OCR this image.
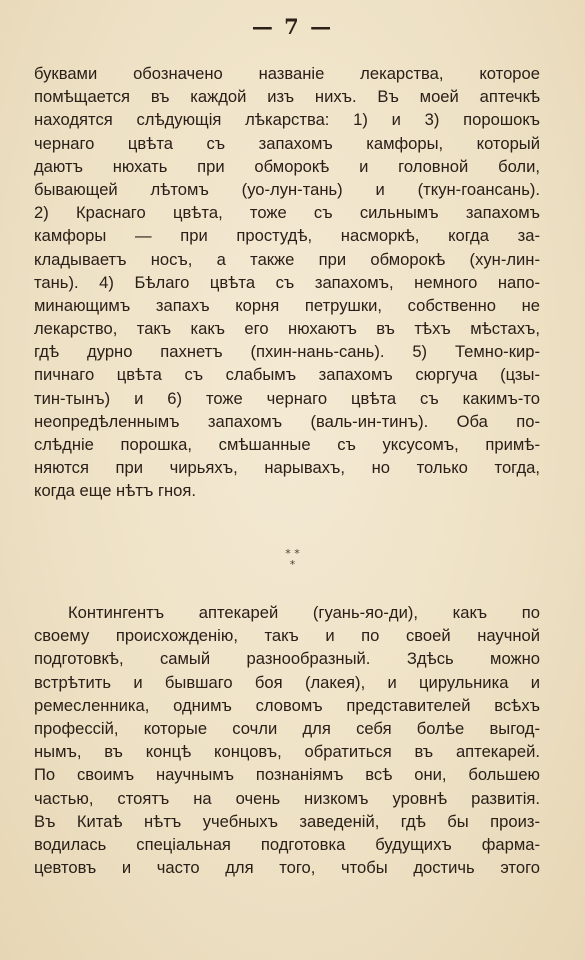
— 7 —
буквами обозначено названіе лекарства, которое
помѣщается въ каждой изъ нихъ. Въ моей аптечкѣ
находятся слѣдующія лѣкарства: 1) и 3) порошокъ
чернаго цвѣта съ запахомъ камфоры, который
даютъ нюхать при обморокѣ и головной боли,
бывающей лѣтомъ (уо-лун-тань) и (ткун-гоансань).
2) Краснаго цвѣта, тоже съ сильнымъ запахомъ
камфоры — при простудѣ, насморкѣ, когда за-
кладываетъ носъ, а также при обморокѣ (хун-лин-
тань). 4) Бѣлаго цвѣта съ запахомъ, немного напо-
минающимъ запахъ корня петрушки, собственно не
лекарство, такъ какъ его нюхаютъ въ тѣхъ мѣстахъ,
гдѣ дурно пахнетъ (пхин-нань-сань). 5) Темно-кир-
пичнаго цвѣта съ слабымъ запахомъ сюргуча (цзы-
тин-тынъ) и 6) тоже чернаго цвѣта съ какимъ-то
неопредѣленнымъ запахомъ (валь-ин-тинъ). Оба по-
слѣдніе порошка, смѣшанные съ уксусомъ, примѣ-
няются при чирьяхъ, нарывахъ, но только тогда,
когда еще нѣтъ гноя.
* *
*
Контингентъ аптекарей (гуань-яо-ди), какъ по
своему происхожденію, такъ и по своей научной
подготовкѣ, самый разнообразный. Здѣсь можно
встрѣтить и бывшаго боя (лакея), и цирульника и
ремесленника, однимъ словомъ представителей всѣхъ
профессій, которые сочли для себя болѣе выгод-
нымъ, въ концѣ концовъ, обратиться въ аптекарей.
По своимъ научнымъ познаніямъ всѣ они, большею
частью, стоятъ на очень низкомъ уровнѣ развитія.
Въ Китаѣ нѣтъ учебныхъ заведеній, гдѣ бы произ-
водилась спеціальная подготовка будущихъ фарма-
цевтовъ и часто для того, чтобы достичь этого
